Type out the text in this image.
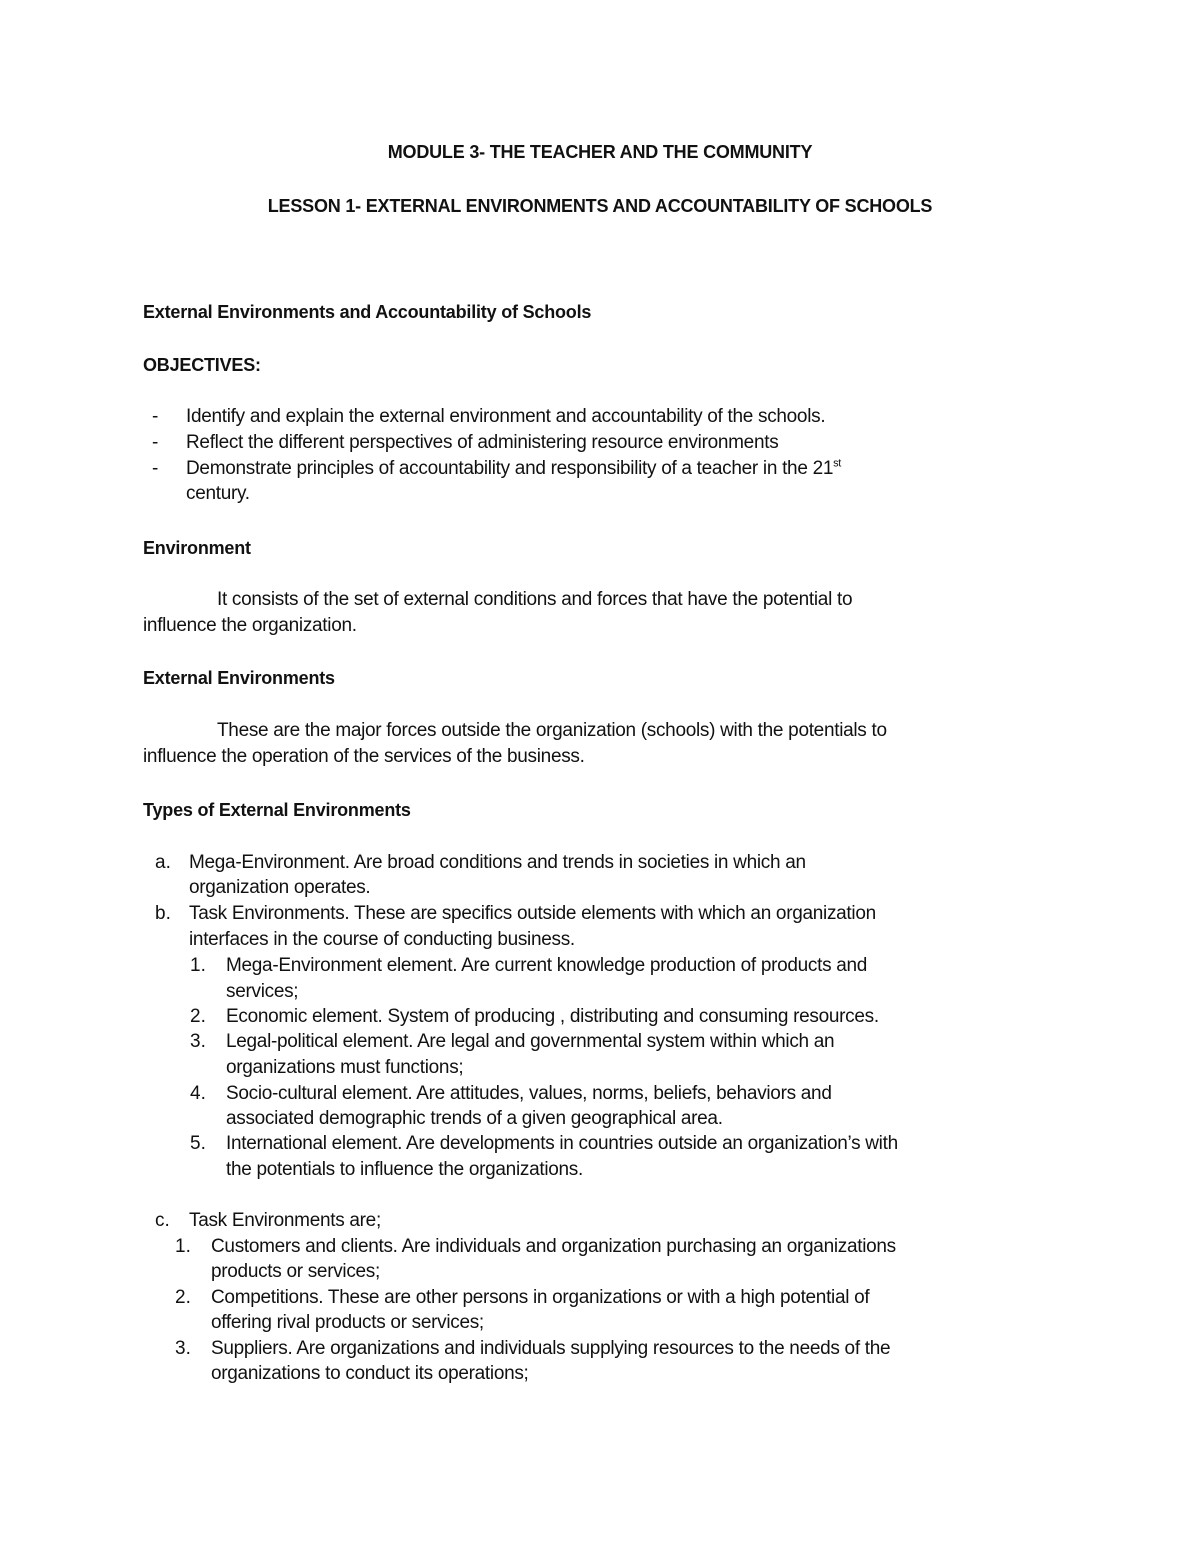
MODULE 3- THE TEACHER AND THE COMMUNITY
LESSON 1- EXTERNAL ENVIRONMENTS AND ACCOUNTABILITY OF SCHOOLS
External Environments and Accountability of Schools
OBJECTIVES:
- Identify and explain the external environment and accountability of the schools.
- Reflect the different perspectives of administering resource environments
- Demonstrate principles of accountability and responsibility of a teacher in the 21st
century.
Environment
It consists of the set of external conditions and forces that have the potential to
influence the organization.
External Environments
These are the major forces outside the organization (schools) with the potentials to
influence the operation of the services of the business.
Types of External Environments
a. Mega-Environment. Are broad conditions and trends in societies in which an
organization operates.
b. Task Environments. These are specifics outside elements with which an organization
interfaces in the course of conducting business.
1. Mega-Environment element. Are current knowledge production of products and
services;
2. Economic element. System of producing , distributing and consuming resources.
3. Legal-political element. Are legal and governmental system within which an
organizations must functions;
4. Socio-cultural element. Are attitudes, values, norms, beliefs, behaviors and
associated demographic trends of a given geographical area.
5. International element. Are developments in countries outside an organization’s with
the potentials to influence the organizations.
c. Task Environments are;
1. Customers and clients. Are individuals and organization purchasing an organizations
products or services;
2. Competitions. These are other persons in organizations or with a high potential of
offering rival products or services;
3. Suppliers. Are organizations and individuals supplying resources to the needs of the
organizations to conduct its operations;
